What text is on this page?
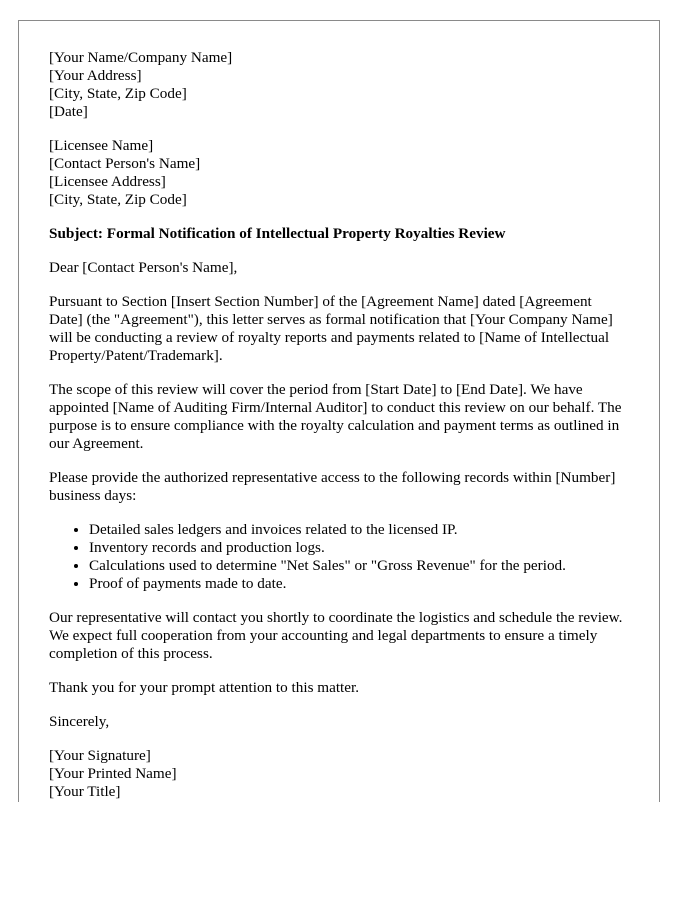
[Your Name/Company Name]
[Your Address]
[City, State, Zip Code]
[Date]
[Licensee Name]
[Contact Person's Name]
[Licensee Address]
[City, State, Zip Code]
Subject: Formal Notification of Intellectual Property Royalties Review
Dear [Contact Person's Name],

Pursuant to Section [Insert Section Number] of the [Agreement Name] dated [Agreement Date] (the "Agreement"), this letter serves as formal notification that [Your Company Name] will be conducting a review of royalty reports and payments related to [Name of Intellectual Property/Patent/Trademark].

The scope of this review will cover the period from [Start Date] to [End Date]. We have appointed [Name of Auditing Firm/Internal Auditor] to conduct this review on our behalf. The purpose is to ensure compliance with the royalty calculation and payment terms as outlined in our Agreement.

Please provide the authorized representative access to the following records within [Number] business days:

• Detailed sales ledgers and invoices related to the licensed IP.
• Inventory records and production logs.
• Calculations used to determine "Net Sales" or "Gross Revenue" for the period.
• Proof of payments made to date.

Our representative will contact you shortly to coordinate the logistics and schedule the review. We expect full cooperation from your accounting and legal departments to ensure a timely completion of this process.

Thank you for your prompt attention to this matter.

Sincerely,
[Your Signature]
[Your Printed Name]
[Your Title]
